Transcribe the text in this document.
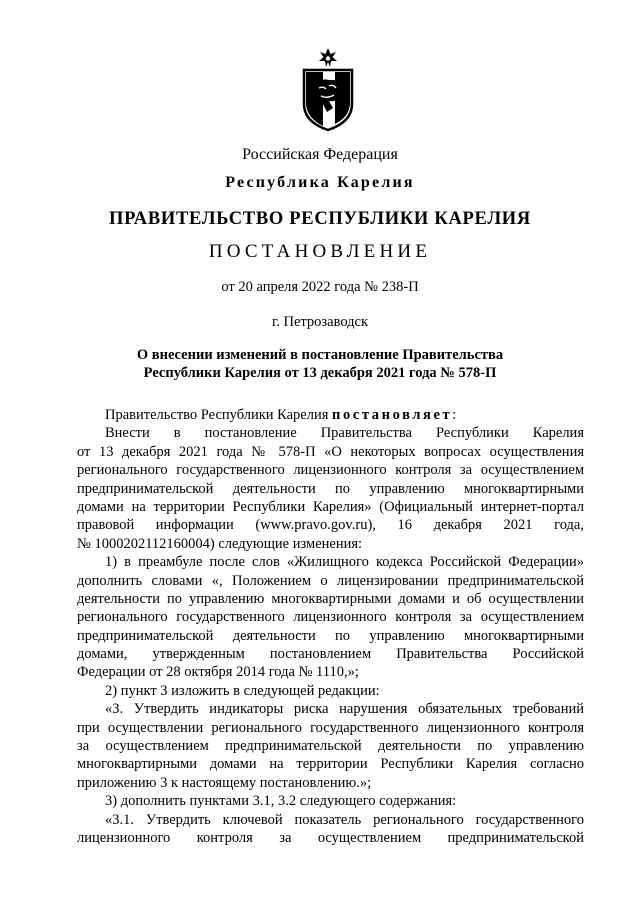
Российская Федерация
Республика Карелия
ПРАВИТЕЛЬСТВО РЕСПУБЛИКИ КАРЕЛИЯ
ПОСТАНОВЛЕНИЕ
от 20 апреля 2022 года № 238-П
г. Петрозаводск
О внесении изменений в постановление Правительства
Республики Карелия от 13 декабря 2021 года № 578-П
Правительство Республики Карелия постановляет:
Внести в постановление Правительства Республики Карелия
от 13 декабря 2021 года № 578-П «О некоторых вопросах осуществления
регионального государственного лицензионного контроля за осуществлением
предпринимательской деятельности по управлению многоквартирными
домами на территории Республики Карелия» (Официальный интернет-портал
правовой информации (www.pravo.gov.ru), 16 декабря 2021 года,
№ 1000202112160004) следующие изменения:
1) в преамбуле после слов «Жилищного кодекса Российской Федерации»
дополнить словами «, Положением о лицензировании предпринимательской
деятельности по управлению многоквартирными домами и об осуществлении
регионального государственного лицензионного контроля за осуществлением
предпринимательской деятельности по управлению многоквартирными
домами, утвержденным постановлением Правительства Российской
Федерации от 28 октября 2014 года № 1110,»;
2) пункт 3 изложить в следующей редакции:
«3. Утвердить индикаторы риска нарушения обязательных требований
при осуществлении регионального государственного лицензионного контроля
за осуществлением предпринимательской деятельности по управлению
многоквартирными домами на территории Республики Карелия согласно
приложению 3 к настоящему постановлению.»;
3) дополнить пунктами 3.1, 3.2 следующего содержания:
«3.1. Утвердить ключевой показатель регионального государственного
лицензионного контроля за осуществлением предпринимательской
